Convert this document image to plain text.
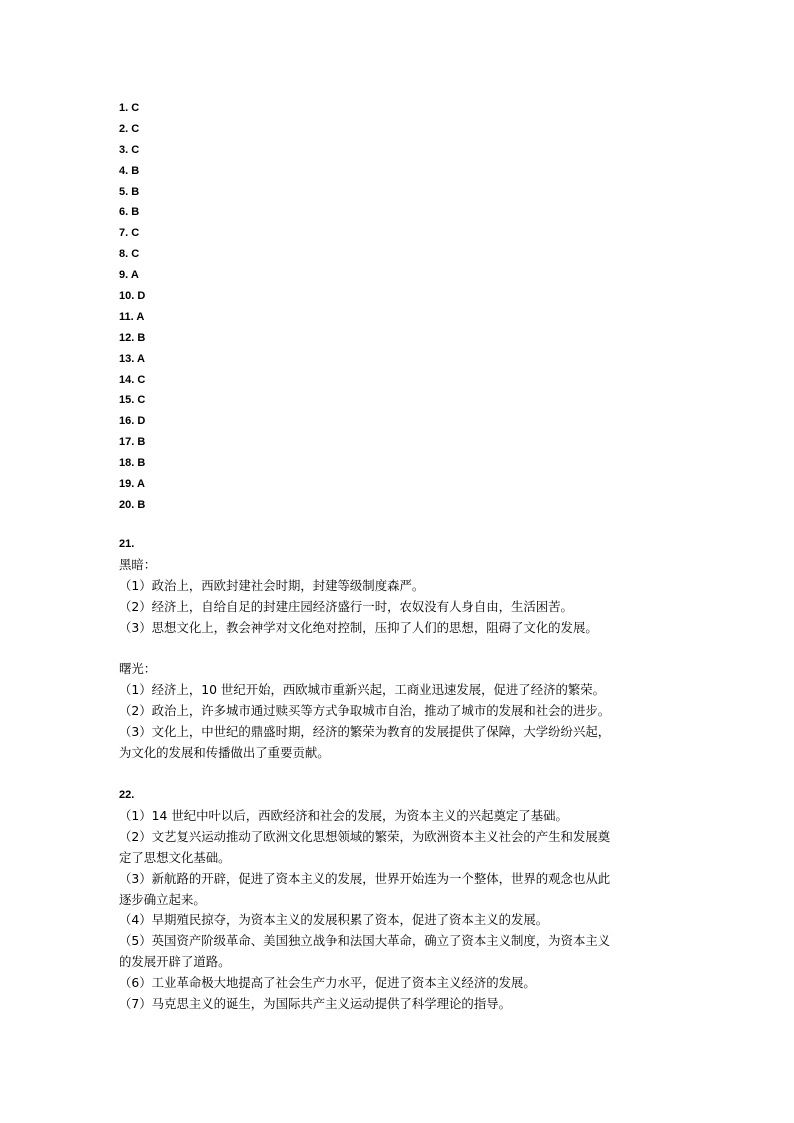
1. C
2. C
3. C
4. B
5. B
6. B
7. C
8. C
9. A
10. D
11. A
12. B
13. A
14. C
15. C
16. D
17. B
18. B
19. A
20. B
21.

黑暗：

（1）政治上，西欧封建社会时期，封建等级制度森严。

（2）经济上，自给自足的封建庄园经济盛行一时，农奴没有人身自由，生活困苦。

（3）思想文化上，教会神学对文化绝对控制，压抑了人们的思想，阻碍了文化的发展。

曙光：

（1）经济上，10 世纪开始，西欧城市重新兴起，工商业迅速发展，促进了经济的繁荣。

（2）政治上，许多城市通过赎买等方式争取城市自治，推动了城市的发展和社会的进步。

（3）文化上，中世纪的鼎盛时期，经济的繁荣为教育的发展提供了保障，大学纷纷兴起，

为文化的发展和传播做出了重要贡献。

22.

（1）14 世纪中叶以后，西欧经济和社会的发展，为资本主义的兴起奠定了基础。

（2）文艺复兴运动推动了欧洲文化思想领域的繁荣，为欧洲资本主义社会的产生和发展奠

定了思想文化基础。

（3）新航路的开辟，促进了资本主义的发展，世界开始连为一个整体，世界的观念也从此

逐步确立起来。

（4）早期殖民掠夺，为资本主义的发展积累了资本，促进了资本主义的发展。

（5）英国资产阶级革命、美国独立战争和法国大革命，确立了资本主义制度，为资本主义

的发展开辟了道路。

（6）工业革命极大地提高了社会生产力水平，促进了资本主义经济的发展。

（7）马克思主义的诞生，为国际共产主义运动提供了科学理论的指导。
